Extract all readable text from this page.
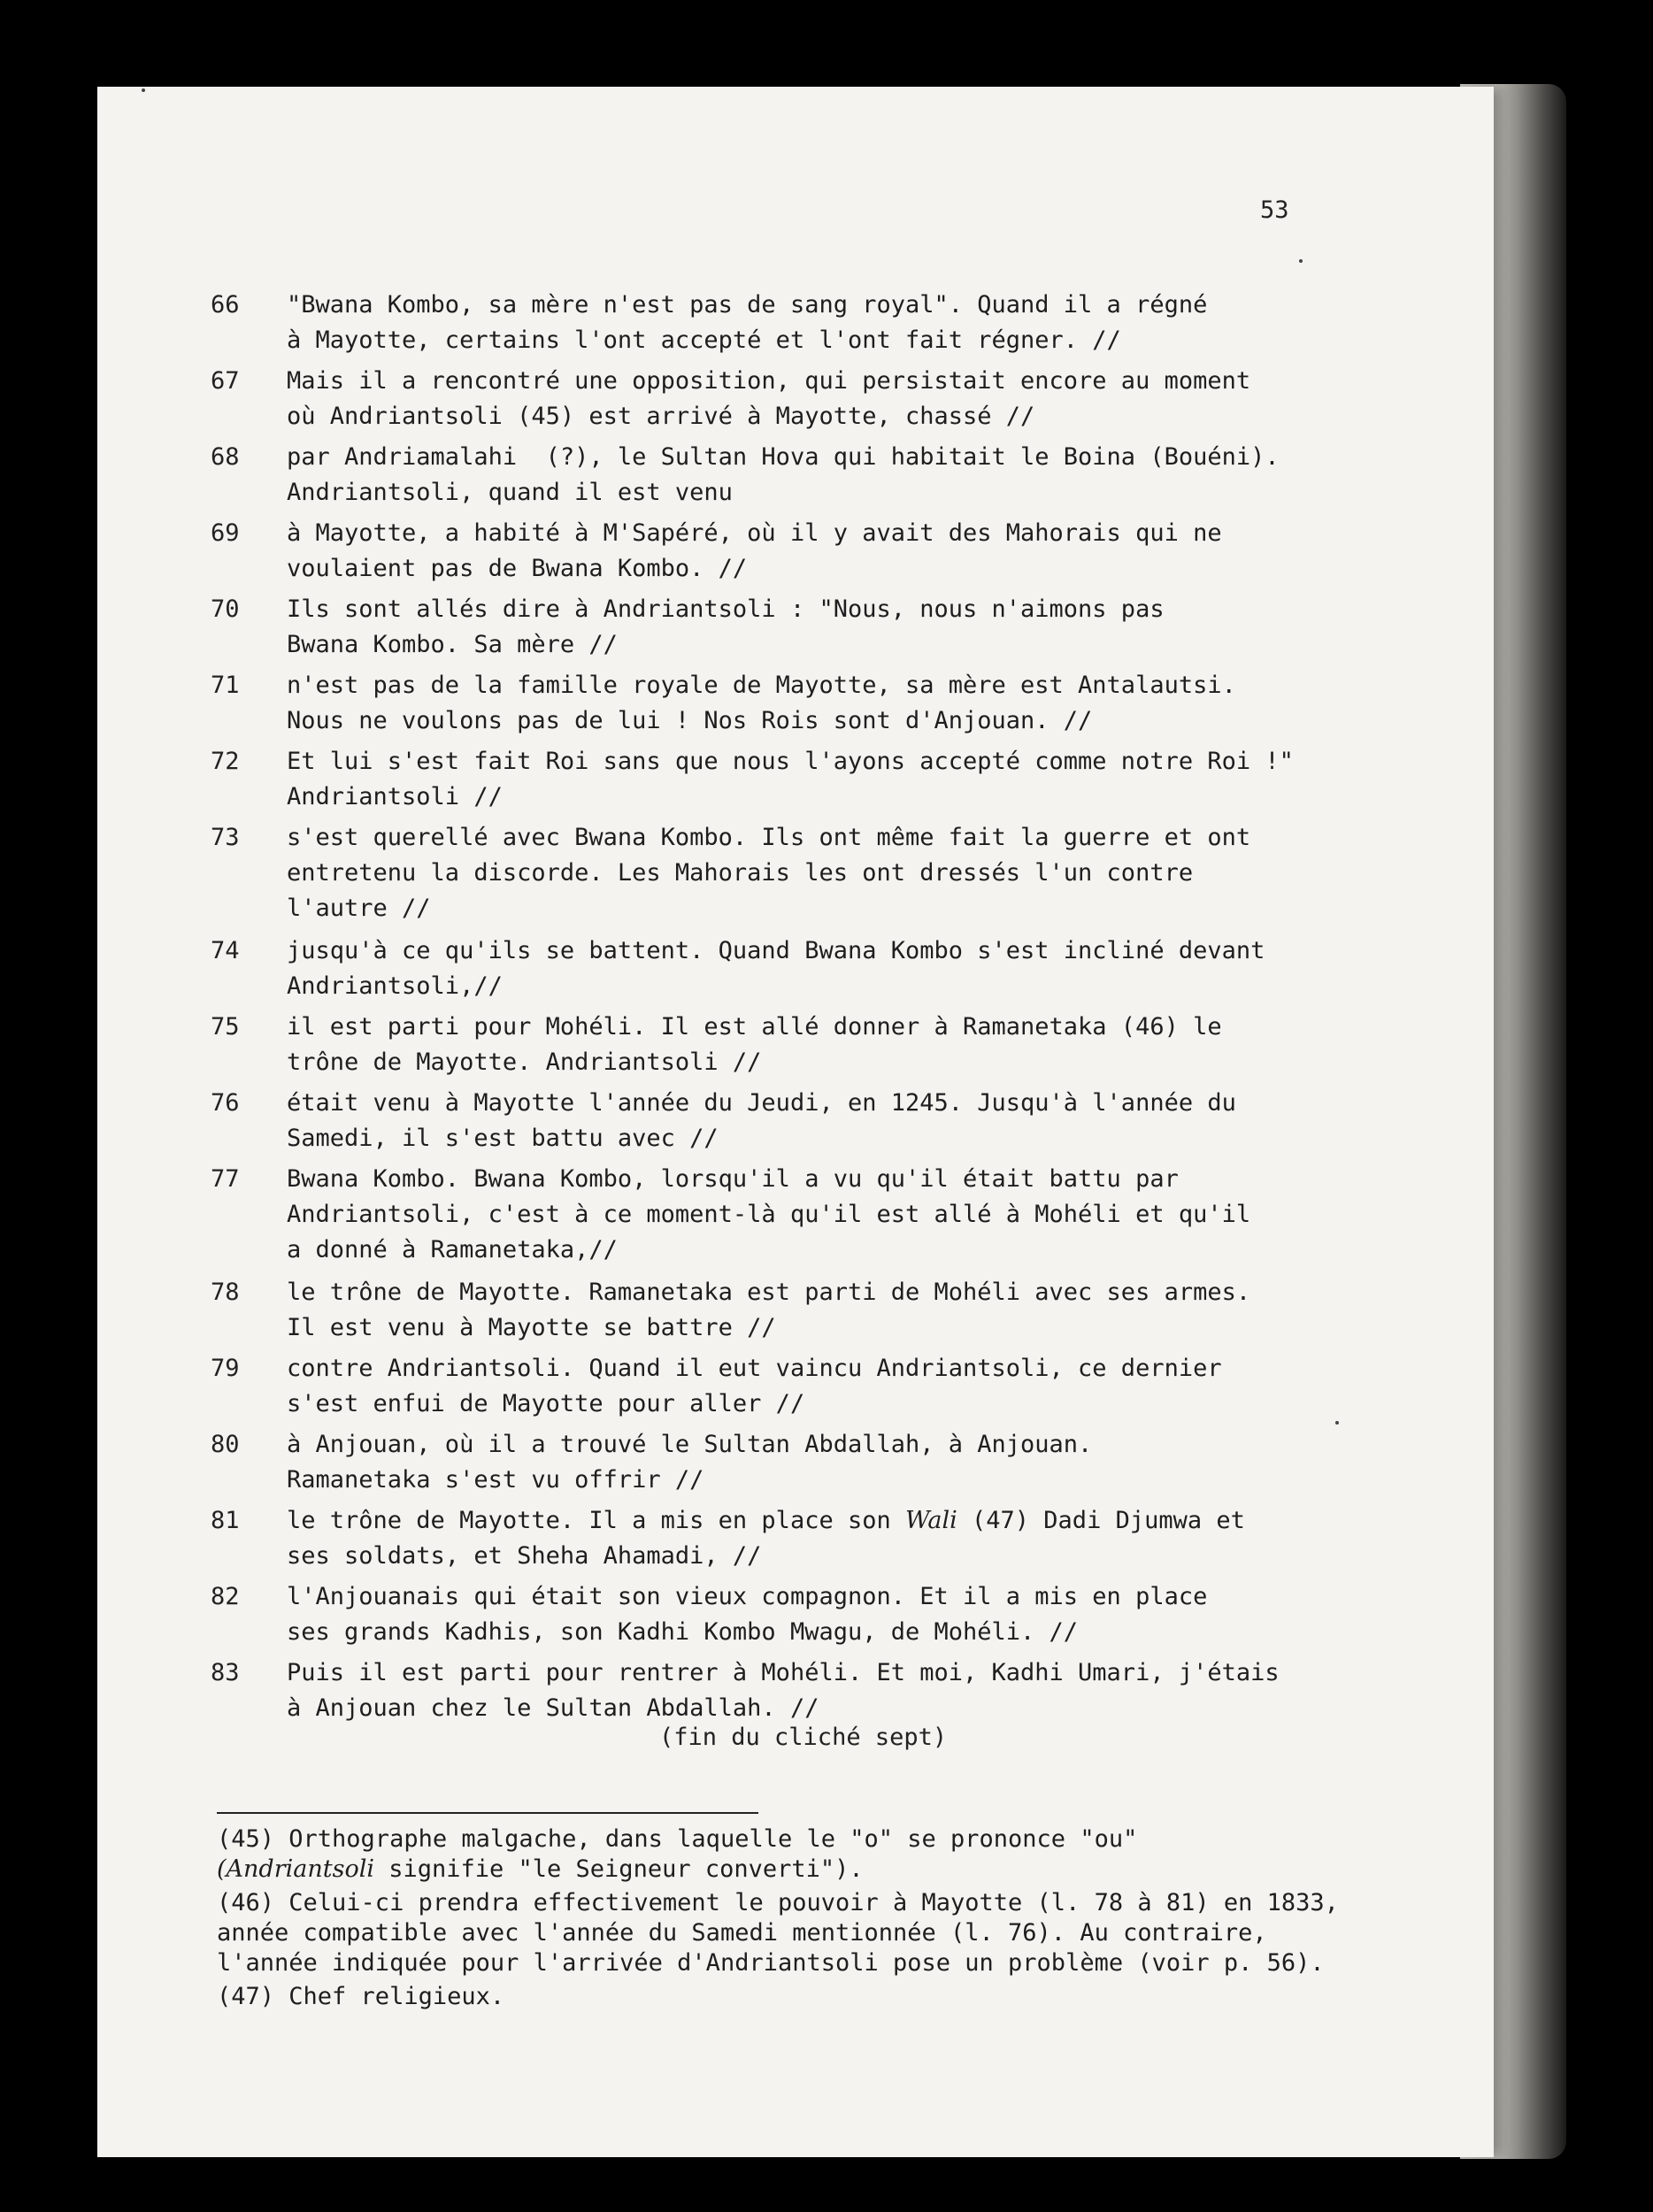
53
66	"Bwana Kombo, sa mère n'est pas de sang royal". Quand il a régné
à Mayotte, certains l'ont accepté et l'ont fait régner. //
67	Mais il a rencontré une opposition, qui persistait encore au moment
où Andriantsoli (45) est arrivé à Mayotte, chassé //
68	par Andriamalahi  (?), le Sultan Hova qui habitait le Boina (Bouéni).
Andriantsoli, quand il est venu
69	à Mayotte, a habité à M'Sapéré, où il y avait des Mahorais qui ne
voulaient pas de Bwana Kombo. //
70	Ils sont allés dire à Andriantsoli : "Nous, nous n'aimons pas
Bwana Kombo. Sa mère //
71	n'est pas de la famille royale de Mayotte, sa mère est Antalautsi.
Nous ne voulons pas de lui ! Nos Rois sont d'Anjouan. //
72	Et lui s'est fait Roi sans que nous l'ayons accepté comme notre Roi !"
Andriantsoli //
73	s'est querellé avec Bwana Kombo. Ils ont même fait la guerre et ont
entretenu la discorde. Les Mahorais les ont dressés l'un contre
l'autre //
74	jusqu'à ce qu'ils se battent. Quand Bwana Kombo s'est incliné devant
Andriantsoli,//
75	il est parti pour Mohéli. Il est allé donner à Ramanetaka (46) le
trône de Mayotte. Andriantsoli //
76	était venu à Mayotte l'année du Jeudi, en 1245. Jusqu'à l'année du
Samedi, il s'est battu avec //
77	Bwana Kombo. Bwana Kombo, lorsqu'il a vu qu'il était battu par
Andriantsoli, c'est à ce moment-là qu'il est allé à Mohéli et qu'il
a donné à Ramanetaka,//
78	le trône de Mayotte. Ramanetaka est parti de Mohéli avec ses armes.
Il est venu à Mayotte se battre //
79	contre Andriantsoli. Quand il eut vaincu Andriantsoli, ce dernier
s'est enfui de Mayotte pour aller //
80	à Anjouan, où il a trouvé le Sultan Abdallah, à Anjouan.
Ramanetaka s'est vu offrir //
81	le trône de Mayotte. Il a mis en place son Wali (47) Dadi Djumwa et
ses soldats, et Sheha Ahamadi, //
82	l'Anjouanais qui était son vieux compagnon. Et il a mis en place
ses grands Kadhis, son Kadhi Kombo Mwagu, de Mohéli. //
83	Puis il est parti pour rentrer à Mohéli. Et moi, Kadhi Umari, j'étais
à Anjouan chez le Sultan Abdallah. //
(fin du cliché sept)
(45) Orthographe malgache, dans laquelle le "o" se prononce "ou"
(Andriantsoli signifie "le Seigneur converti").
(46) Celui-ci prendra effectivement le pouvoir à Mayotte (l. 78 à 81) en 1833, année compatible avec l'année du Samedi mentionnée (l. 76). Au contraire, l'année indiquée pour l'arrivée d'Andriantsoli pose un problème (voir p. 56).
(47) Chef religieux.
